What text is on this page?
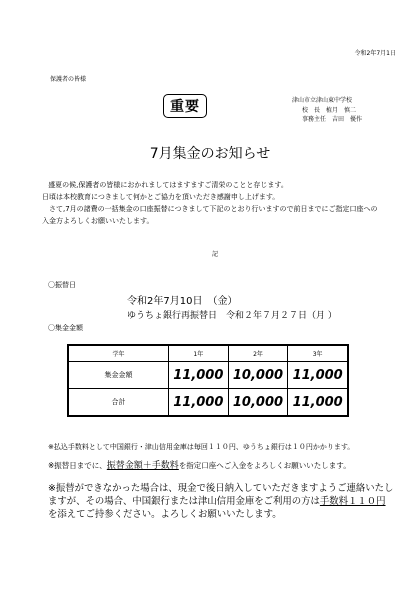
令和2年7月1日
保護者の皆様
重要	津山市立津山東中学校
校　長　植月　慎二
事務主任　吉田　優作
7月集金のお知らせ

盛夏の候,保護者の皆様におかれましてはますますご清栄のことと存じます。

日頃は本校教育につきまして何かとご協力を頂いただき感謝申し上げます。

さて,7月の諸費の一括集金の口座振替につきまして下記のとおり行いますので前日までにご指定口座への入金方よろしくお願いいたします。

記
〇振替日
令和2年7月10日　（金）
ゆうちょ銀行再振替日　令和２年７月２７日（月 ）
〇集金金額
学年	1年	2年	3年
集金金額	11,000	10,000	11,000
合計	11,000	10,000	11,000
※払込手数料として中国銀行・津山信用金庫は毎回１１０円、ゆうちょ銀行は１０円かかります。
※振替日までに、振替金額＋手数料を指定口座へご入金をよろしくお願いいたします。
※振替ができなかった場合は、現金で後日納入していただきますようご連絡いたしますが、その場合、中国銀行または津山信用金庫をご利用の方は手数料１１０円を添えてご持参ください。よろしくお願いいたします。
